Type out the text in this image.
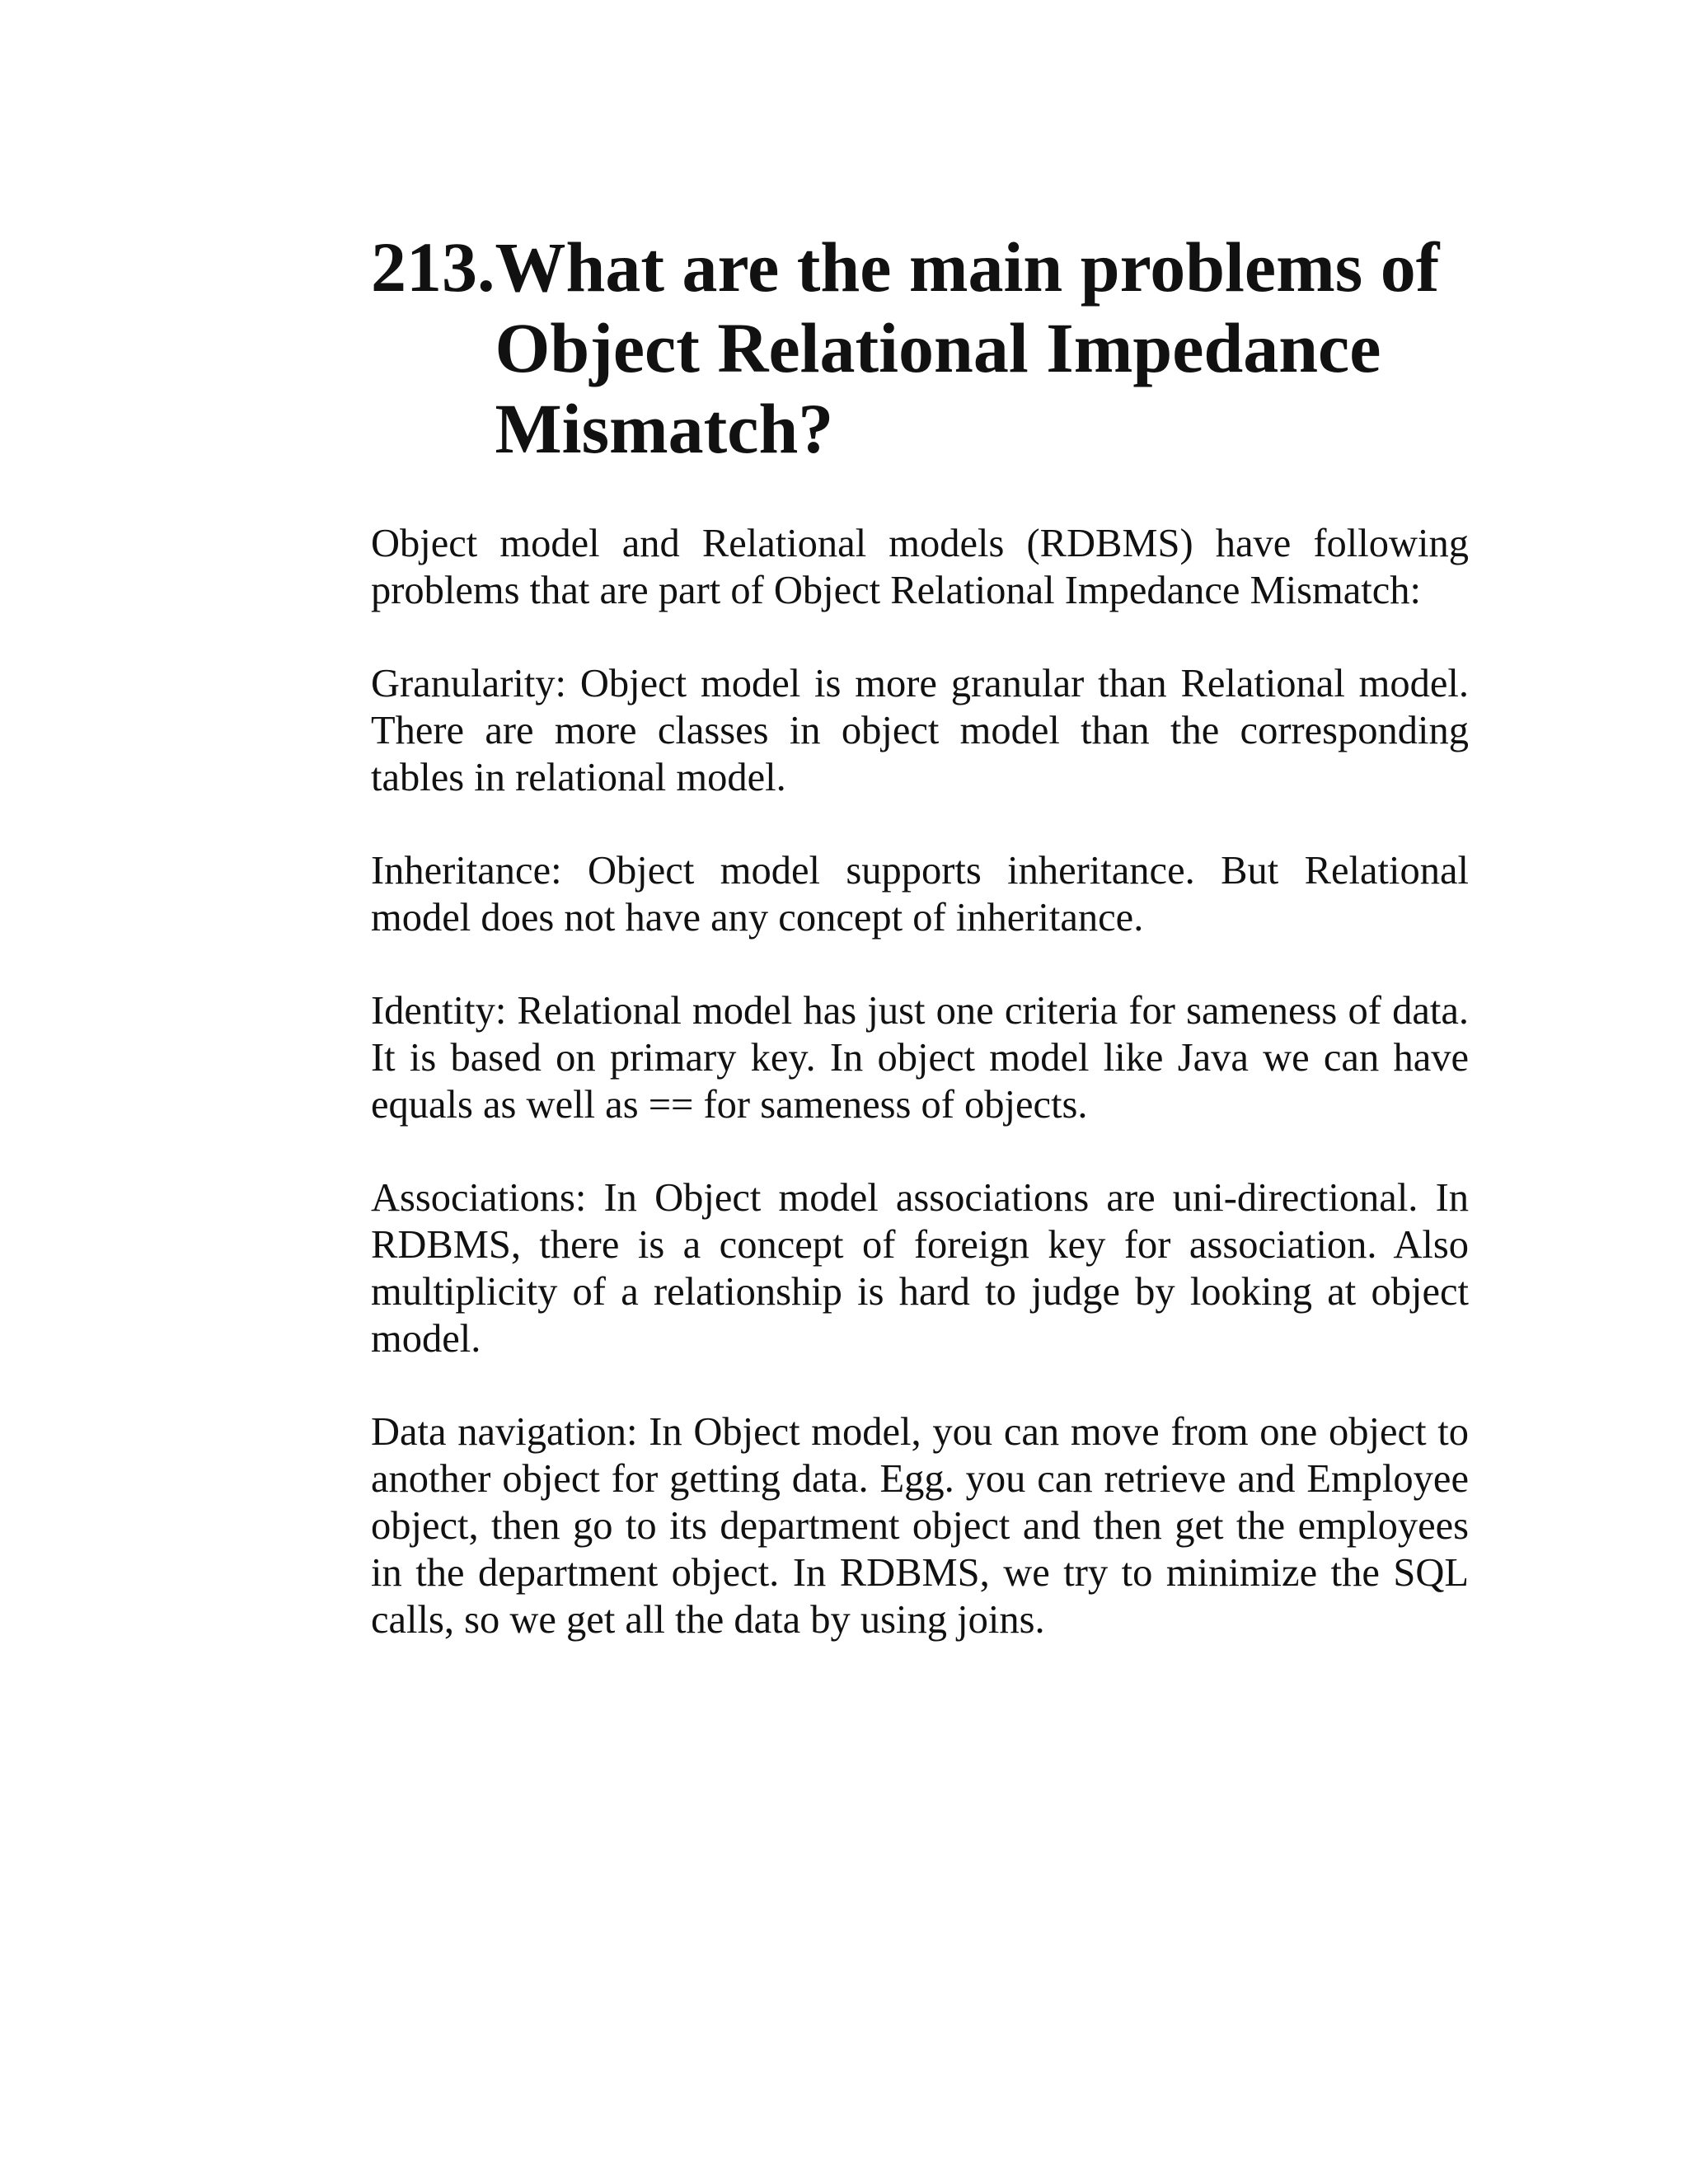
213. What are the main problems of Object Relational Impedance Mismatch?

Object model and Relational models (RDBMS) have following problems that are part of Object Relational Impedance Mismatch:

Granularity: Object model is more granular than Relational model. There are more classes in object model than the corresponding tables in relational model.

Inheritance: Object model supports inheritance. But Relational model does not have any concept of inheritance.

Identity: Relational model has just one criteria for sameness of data. It is based on primary key. In object model like Java we can have equals as well as == for sameness of objects.

Associations: In Object model associations are uni-directional. In RDBMS, there is a concept of foreign key for association. Also multiplicity of a relationship is hard to judge by looking at object model.

Data navigation: In Object model, you can move from one object to another object for getting data. Egg. you can retrieve and Employee object, then go to its department object and then get the employees in the department object. In RDBMS, we try to minimize the SQL calls, so we get all the data by using joins.
